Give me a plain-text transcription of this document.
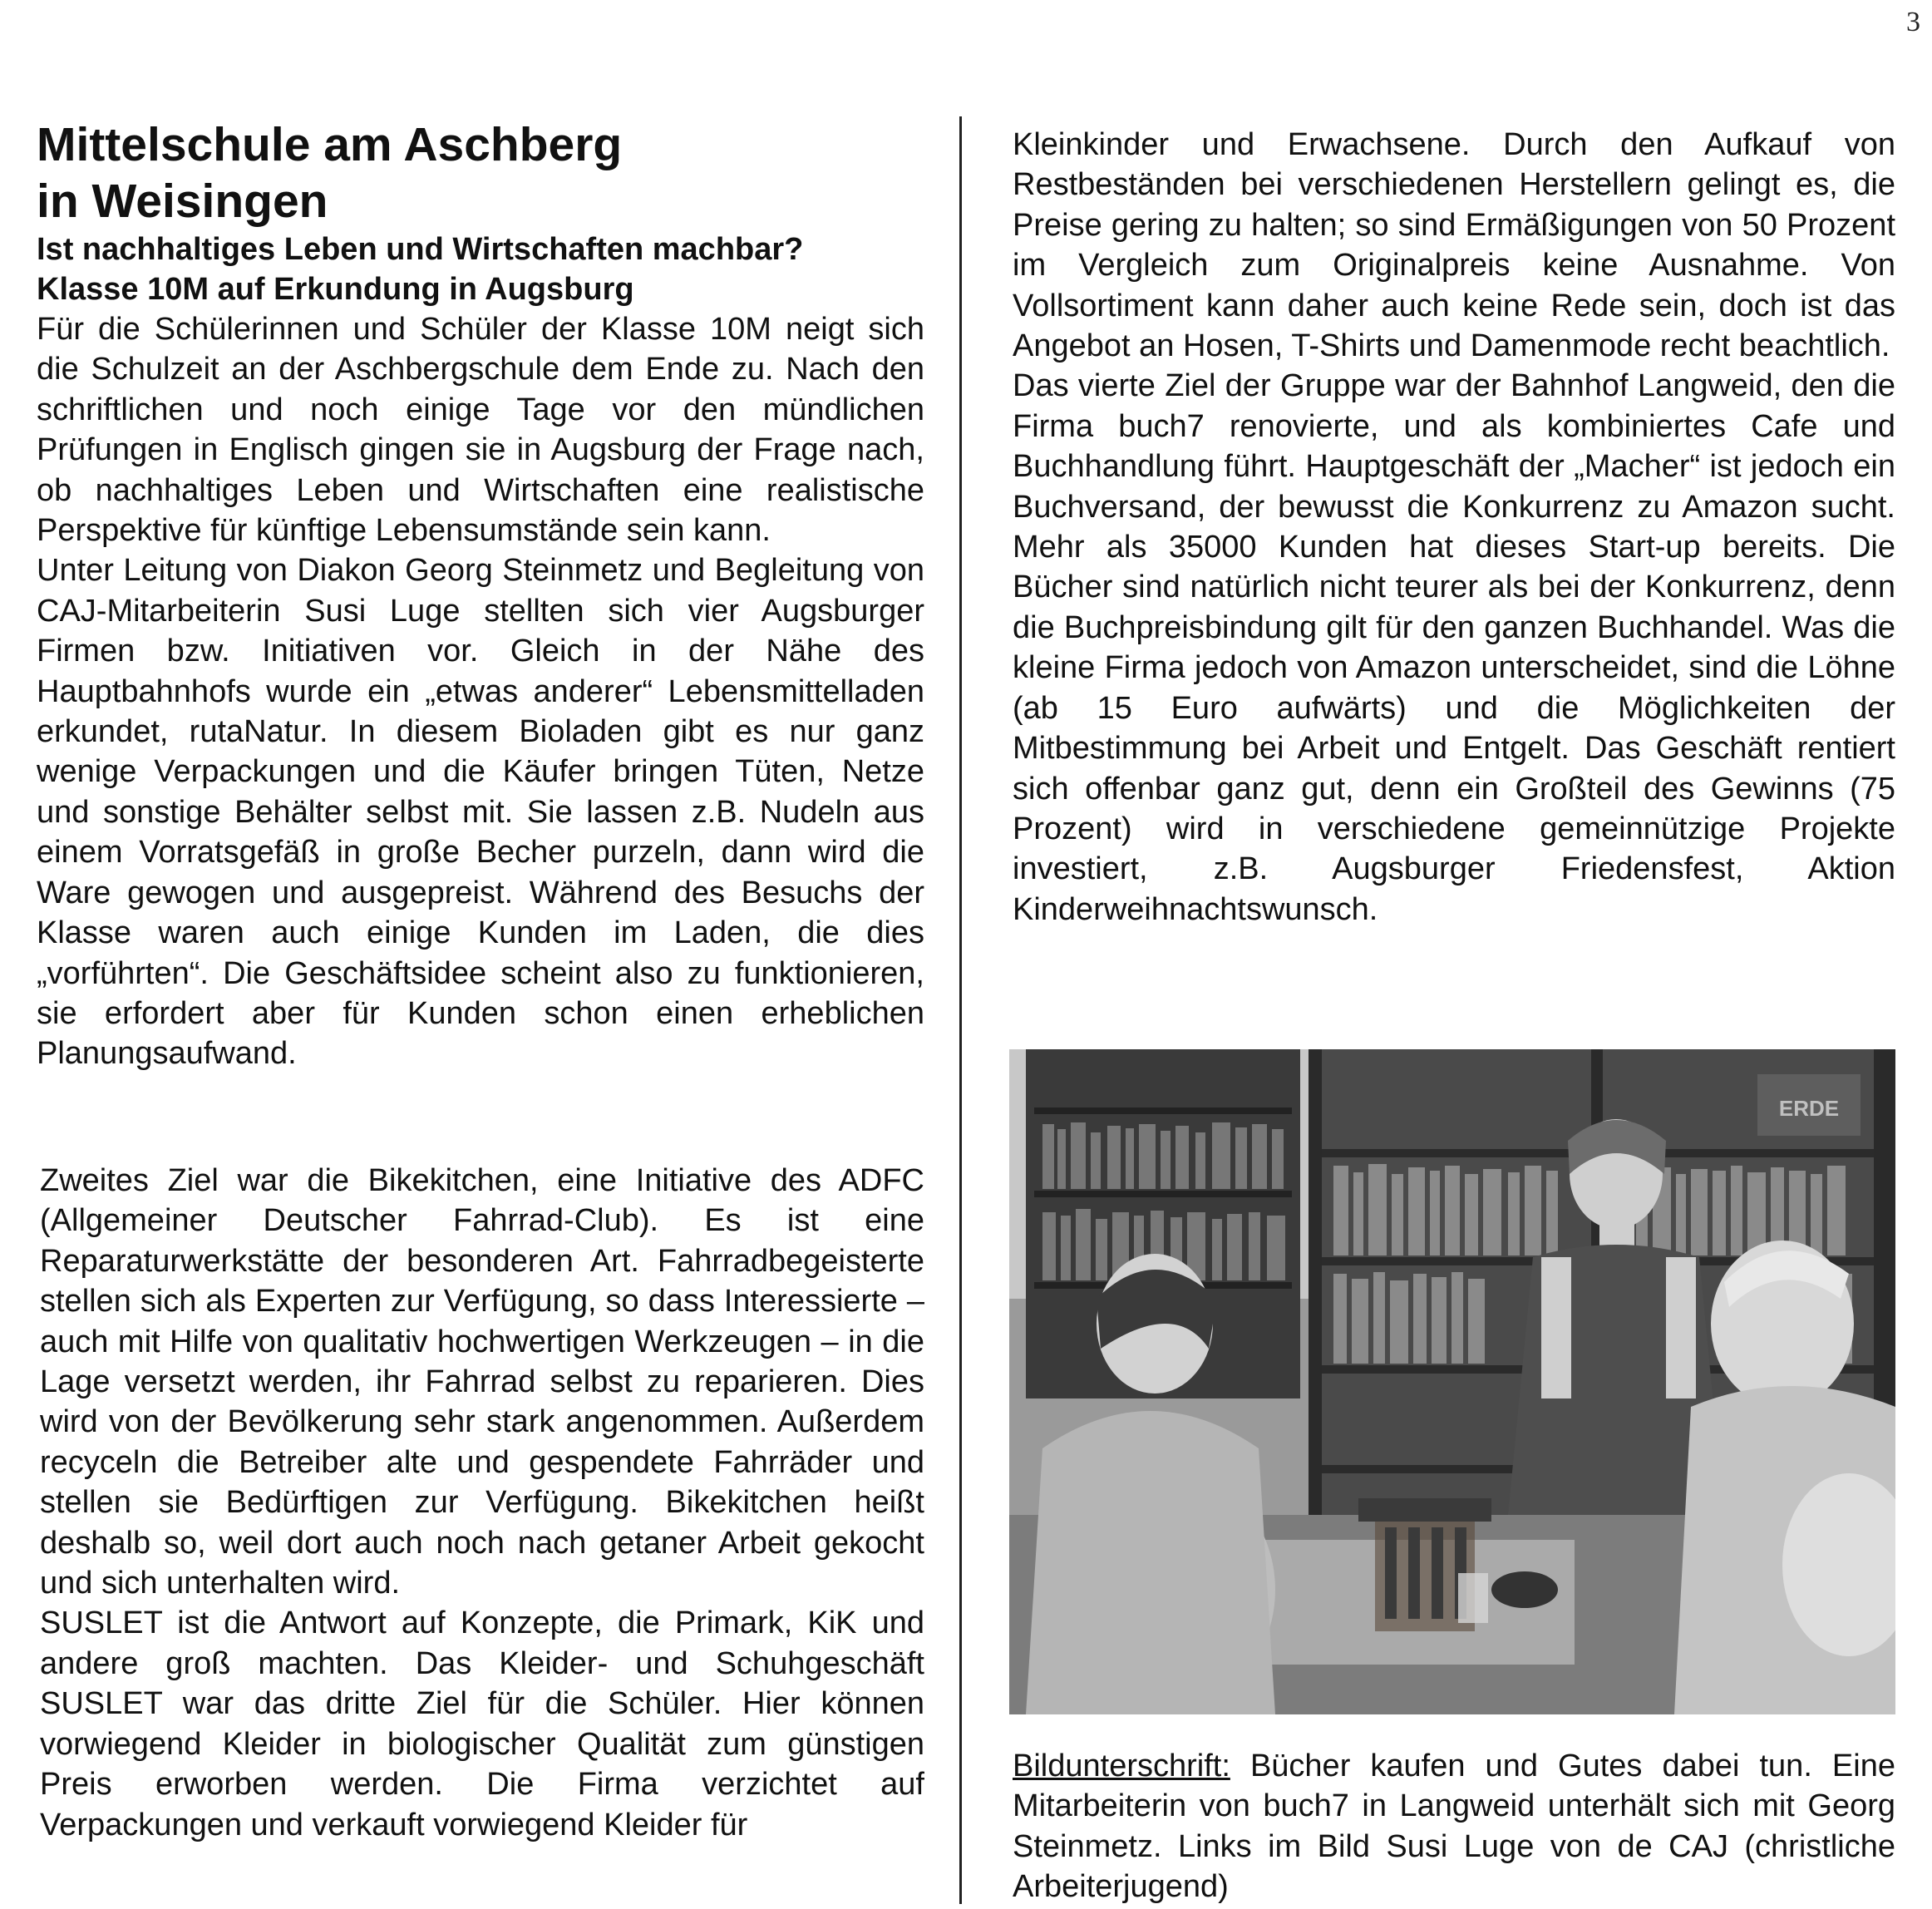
3
Mittelschule am Aschberg
in Weisingen
Ist nachhaltiges Leben und Wirtschaften machbar?
Klasse 10M auf Erkundung in Augsburg

Für die Schülerinnen und Schüler der Klasse 10M neigt sich die Schulzeit an der Aschbergschule dem Ende zu. Nach den schriftlichen und noch einige Tage vor den mündlichen Prüfungen in Englisch gingen sie in Augsburg der Frage nach, ob nachhaltiges Leben und Wirtschaften eine realistische Perspektive für künftige Lebensumstände sein kann.

Unter Leitung von Diakon Georg Steinmetz und Begleitung von CAJ-Mitarbeiterin Susi Luge stellten sich vier Augsburger Firmen bzw. Initiativen vor. Gleich in der Nähe des Hauptbahnhofs wurde ein „etwas anderer“ Lebensmittelladen erkundet, rutaNatur. In diesem Bioladen gibt es nur ganz wenige Verpackungen und die Käufer bringen Tüten, Netze und sonstige Behälter selbst mit. Sie lassen z.B. Nudeln aus einem Vorratsgefäß in große Becher purzeln, dann wird die Ware gewogen und ausgepreist. Während des Besuchs der Klasse waren auch einige Kunden im Laden, die dies „vorführten“. Die Geschäftsidee scheint also zu funktionieren, sie erfordert aber für Kunden schon einen erheblichen Planungsaufwand.

Zweites Ziel war die Bikekitchen, eine Initiative des ADFC (Allgemeiner Deutscher Fahrrad-Club). Es ist eine Reparaturwerkstätte der besonderen Art. Fahrradbegeisterte stellen sich als Experten zur Verfügung, so dass Interessierte – auch mit Hilfe von qualitativ hochwertigen Werkzeugen – in die Lage versetzt werden, ihr Fahrrad selbst zu reparieren. Dies wird von der Bevölkerung sehr stark angenommen. Außerdem recyceln die Betreiber alte und gespendete Fahrräder und stellen sie Bedürftigen zur Verfügung. Bikekitchen heißt deshalb so, weil dort auch noch nach getaner Arbeit gekocht und sich unterhalten wird.

SUSLET ist die Antwort auf Konzepte, die Primark, KiK und andere groß machten. Das Kleider- und Schuhgeschäft SUSLET war das dritte Ziel für die Schüler. Hier können vorwiegend Kleider in biologischer Qualität zum günstigen Preis erworben werden. Die Firma verzichtet auf Verpackungen und verkauft vorwiegend Kleider für

Kleinkinder und Erwachsene. Durch den Aufkauf von Restbeständen bei verschiedenen Herstellern gelingt es, die Preise gering zu halten; so sind Ermäßigungen von 50 Prozent im Vergleich zum Originalpreis keine Ausnahme. Von Vollsortiment kann daher auch keine Rede sein, doch ist das Angebot an Hosen, T-Shirts und Damenmode recht beachtlich.

Das vierte Ziel der Gruppe war der Bahnhof Langweid, den die Firma buch7 renovierte, und als kombiniertes Cafe und Buchhandlung führt. Hauptgeschäft der „Macher“ ist jedoch ein Buchversand, der bewusst die Konkurrenz zu Amazon sucht. Mehr als 35000 Kunden hat dieses Start-up bereits. Die Bücher sind natürlich nicht teurer als bei der Konkurrenz, denn die Buchpreisbindung gilt für den ganzen Buchhandel. Was die kleine Firma jedoch von Amazon unterscheidet, sind die Löhne (ab 15 Euro aufwärts) und die Möglichkeiten der Mitbestimmung bei Arbeit und Entgelt. Das Geschäft rentiert sich offenbar ganz gut, denn ein Großteil des Gewinns (75 Prozent) wird in verschiedene gemeinnützige Projekte investiert, z.B. Augsburger Friedensfest, Aktion Kinderweihnachtswunsch.

ERDE

Bildunterschrift: Bücher kaufen und Gutes dabei tun. Eine Mitarbeiterin von buch7 in Langweid unterhält sich mit Georg Steinmetz. Links im Bild Susi Luge von de CAJ (christliche Arbeiterjugend)
